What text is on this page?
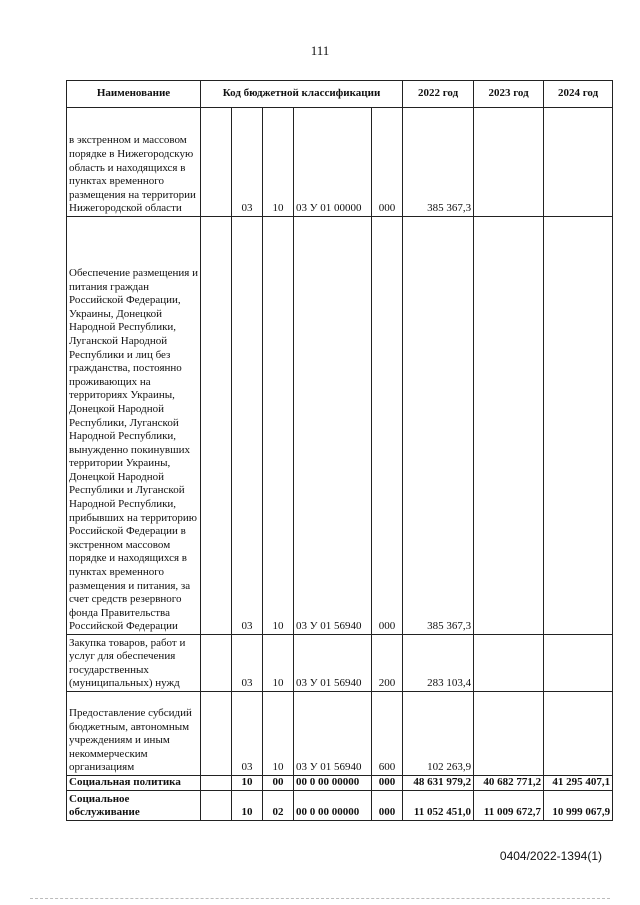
111
Наименование	Код бюджетной классификации					2022 год	2023 год	2024 год
в экстренном и массовом порядке в Нижегородскую область и находящихся в пунктах временного размещения на территории Нижегородской области		03	10	03 У 01 00000	000	385 367,3		
Обеспечение размещения и питания граждан Российской Федерации, Украины, Донецкой Народной Республики, Луганской Народной Республики и лиц без гражданства, постоянно проживающих на территориях Украины, Донецкой Народной Республики, Луганской Народной Республики, вынужденно покинувших территории Украины, Донецкой Народной Республики и Луганской Народной Республики, прибывших на территорию Российской Федерации в экстренном массовом порядке и находящихся в пунктах временного размещения и питания, за счет средств резервного фонда Правительства Российской Федерации		03	10	03 У 01 56940	000	385 367,3		
Закупка товаров, работ и услуг для обеспечения государственных (муниципальных) нужд		03	10	03 У 01 56940	200	283 103,4		
Предоставление субсидий бюджетным, автономным учреждениям и иным некоммерческим организациям		03	10	03 У 01 56940	600	102 263,9		
Социальная политика		10	00	00 0 00 00000	000	48 631 979,2	40 682 771,2	41 295 407,1
Социальное обслуживание		10	02	00 0 00 00000	000	11 052 451,0	11 009 672,7	10 999 067,9
0404/2022-1394(1)
